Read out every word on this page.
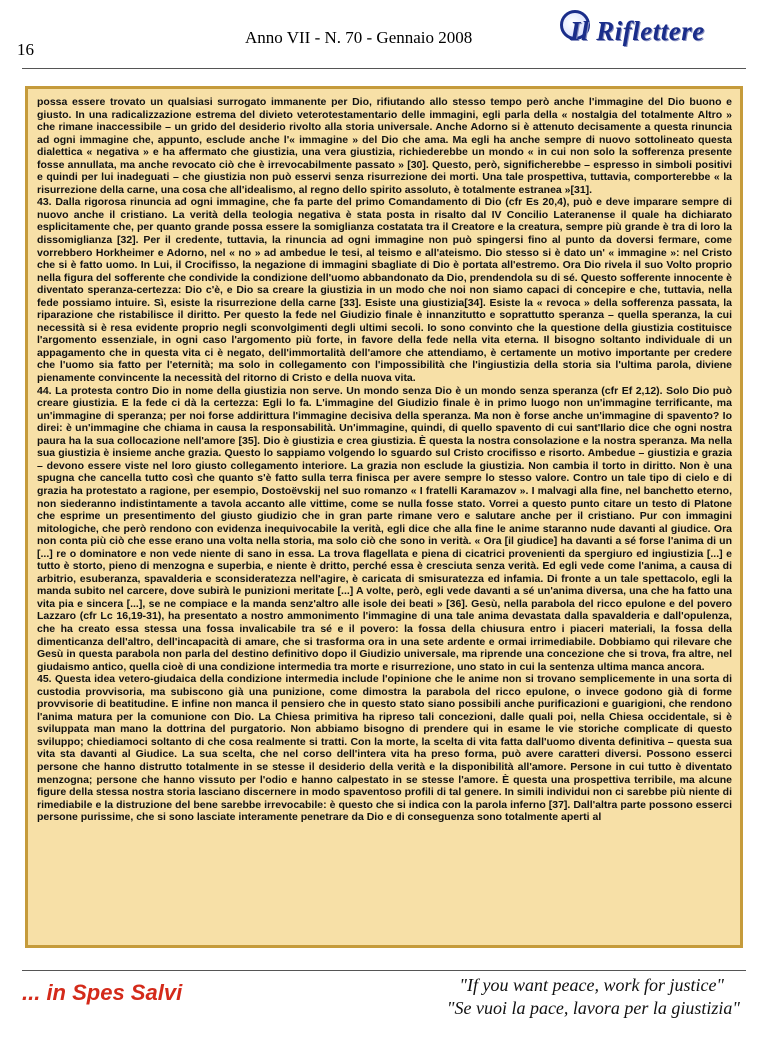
16
Anno VII - N. 70 - Gennaio 2008	Il Riflettere

possa essere trovato un qualsiasi surrogato immanente per Dio, rifiutando allo stesso tempo però anche l'immagine del Dio buono e giusto. In una radicalizzazione estrema del divieto veterotestamentario delle immagini, egli parla della « nostalgia del totalmente Altro » che rimane inaccessibile – un grido del desiderio rivolto alla storia universale. Anche Adorno si è attenuto decisamente a questa rinuncia ad ogni immagine che, appunto, esclude anche l'« immagine » del Dio che ama. Ma egli ha anche sempre di nuovo sottolineato questa dialettica « negativa » e ha affermato che giustizia, una vera giustizia, richiederebbe un mondo « in cui non solo la sofferenza presente fosse annullata, ma anche revocato ciò che è irrevocabilmente passato » [30]. Questo, però, significherebbe – espresso in simboli positivi e quindi per lui inadeguati – che giustizia non può esservi senza risurrezione dei morti. Una tale prospettiva, tuttavia, comporterebbe « la risurrezione della carne, una cosa che all'idealismo, al regno dello spirito assoluto, è totalmente estranea »[31].

43. Dalla rigorosa rinuncia ad ogni immagine, che fa parte del primo Comandamento di Dio (cfr Es 20,4), può e deve imparare sempre di nuovo anche il cristiano. La verità della teologia negativa è stata posta in risalto dal IV Concilio Lateranense il quale ha dichiarato esplicitamente che, per quanto grande possa essere la somiglianza costatata tra il Creatore e la creatura, sempre più grande è tra di loro la dissomiglianza [32]. Per il credente, tuttavia, la rinuncia ad ogni immagine non può spingersi fino al punto da doversi fermare, come vorrebbero Horkheimer e Adorno, nel « no » ad ambedue le tesi, al teismo e all'ateismo. Dio stesso si è dato un' « immagine »: nel Cristo che si è fatto uomo. In Lui, il Crocifisso, la negazione di immagini sbagliate di Dio è portata all'estremo. Ora Dio rivela il suo Volto proprio nella figura del sofferente che condivide la condizione dell'uomo abbandonato da Dio, prendendola su di sé. Questo sofferente innocente è diventato speranza-certezza: Dio c'è, e Dio sa creare la giustizia in un modo che noi non siamo capaci di concepire e che, tuttavia, nella fede possiamo intuire. Sì, esiste la risurrezione della carne [33]. Esiste una giustizia[34]. Esiste la « revoca » della sofferenza passata, la riparazione che ristabilisce il diritto. Per questo la fede nel Giudizio finale è innanzitutto e soprattutto speranza – quella speranza, la cui necessità si è resa evidente proprio negli sconvolgimenti degli ultimi secoli. Io sono convinto che la questione della giustizia costituisce l'argomento essenziale, in ogni caso l'argomento più forte, in favore della fede nella vita eterna. Il bisogno soltanto individuale di un appagamento che in questa vita ci è negato, dell'immortalità dell'amore che attendiamo, è certamente un motivo importante per credere che l'uomo sia fatto per l'eternità; ma solo in collegamento con l'impossibilità che l'ingiustizia della storia sia l'ultima parola, diviene pienamente convincente la necessità del ritorno di Cristo e della nuova vita.

44. La protesta contro Dio in nome della giustizia non serve. Un mondo senza Dio è un mondo senza speranza (cfr Ef 2,12). Solo Dio può creare giustizia. E la fede ci dà la certezza: Egli lo fa. L'immagine del Giudizio finale è in primo luogo non un'immagine terrificante, ma un'immagine di speranza; per noi forse addirittura l'immagine decisiva della speranza. Ma non è forse anche un'immagine di spavento? Io direi: è un'immagine che chiama in causa la responsabilità. Un'immagine, quindi, di quello spavento di cui sant'Ilario dice che ogni nostra paura ha la sua collocazione nell'amore [35]. Dio è giustizia e crea giustizia. È questa la nostra consolazione e la nostra speranza. Ma nella sua giustizia è insieme anche grazia. Questo lo sappiamo volgendo lo sguardo sul Cristo crocifisso e risorto. Ambedue – giustizia e grazia – devono essere viste nel loro giusto collegamento interiore. La grazia non esclude la giustizia. Non cambia il torto in diritto. Non è una spugna che cancella tutto così che quanto s'è fatto sulla terra finisca per avere sempre lo stesso valore. Contro un tale tipo di cielo e di grazia ha protestato a ragione, per esempio, Dostoëvskij nel suo romanzo « I fratelli Karamazov ». I malvagi alla fine, nel banchetto eterno, non siederanno indistintamente a tavola accanto alle vittime, come se nulla fosse stato. Vorrei a questo punto citare un testo di Platone che esprime un presentimento del giusto giudizio che in gran parte rimane vero e salutare anche per il cristiano. Pur con immagini mitologiche, che però rendono con evidenza inequivocabile la verità, egli dice che alla fine le anime staranno nude davanti al giudice. Ora non conta più ciò che esse erano una volta nella storia, ma solo ciò che sono in verità. « Ora [il giudice] ha davanti a sé forse l'anima di un [...] re o dominatore e non vede niente di sano in essa. La trova flagellata e piena di cicatrici provenienti da spergiuro ed ingiustizia [...] e tutto è storto, pieno di menzogna e superbia, e niente è dritto, perché essa è cresciuta senza verità. Ed egli vede come l'anima, a causa di arbitrio, esuberanza, spavalderia e sconsideratezza nell'agire, è caricata di smisuratezza ed infamia. Di fronte a un tale spettacolo, egli la manda subito nel carcere, dove subirà le punizioni meritate [...] A volte, però, egli vede davanti a sé un'anima diversa, una che ha fatto una vita pia e sincera [...], se ne compiace e la manda senz'altro alle isole dei beati » [36]. Gesù, nella parabola del ricco epulone e del povero Lazzaro (cfr Lc 16,19-31), ha presentato a nostro ammonimento l'immagine di una tale anima devastata dalla spavalderia e dall'opulenza, che ha creato essa stessa una fossa invalicabile tra sé e il povero: la fossa della chiusura entro i piaceri materiali, la fossa della dimenticanza dell'altro, dell'incapacità di amare, che si trasforma ora in una sete ardente e ormai irrimediabile. Dobbiamo qui rilevare che Gesù in questa parabola non parla del destino definitivo dopo il Giudizio universale, ma riprende una concezione che si trova, fra altre, nel giudaismo antico, quella cioè di una condizione intermedia tra morte e risurrezione, uno stato in cui la sentenza ultima manca ancora.

45. Questa idea vetero-giudaica della condizione intermedia include l'opinione che le anime non si trovano semplicemente in una sorta di custodia provvisoria, ma subiscono già una punizione, come dimostra la parabola del ricco epulone, o invece godono già di forme provvisorie di beatitudine. E infine non manca il pensiero che in questo stato siano possibili anche purificazioni e guarigioni, che rendono l'anima matura per la comunione con Dio. La Chiesa primitiva ha ripreso tali concezioni, dalle quali poi, nella Chiesa occidentale, si è sviluppata man mano la dottrina del purgatorio. Non abbiamo bisogno di prendere qui in esame le vie storiche complicate di questo sviluppo; chiediamoci soltanto di che cosa realmente si tratti. Con la morte, la scelta di vita fatta dall'uomo diventa definitiva – questa sua vita sta davanti al Giudice. La sua scelta, che nel corso dell'intera vita ha preso forma, può avere caratteri diversi. Possono esserci persone che hanno distrutto totalmente in se stesse il desiderio della verità e la disponibilità all'amore. Persone in cui tutto è diventato menzogna; persone che hanno vissuto per l'odio e hanno calpestato in se stesse l'amore. È questa una prospettiva terribile, ma alcune figure della stessa nostra storia lasciano discernere in modo spaventoso profili di tal genere. In simili individui non ci sarebbe più niente di rimediabile e la distruzione del bene sarebbe irrevocabile: è questo che si indica con la parola inferno [37]. Dall'altra parte possono esserci persone purissime, che si sono lasciate interamente penetrare da Dio e di conseguenza sono totalmente aperti al

... in Spes Salvi	"If you want peace, work for justice"
"Se vuoi la pace, lavora per la giustizia"
